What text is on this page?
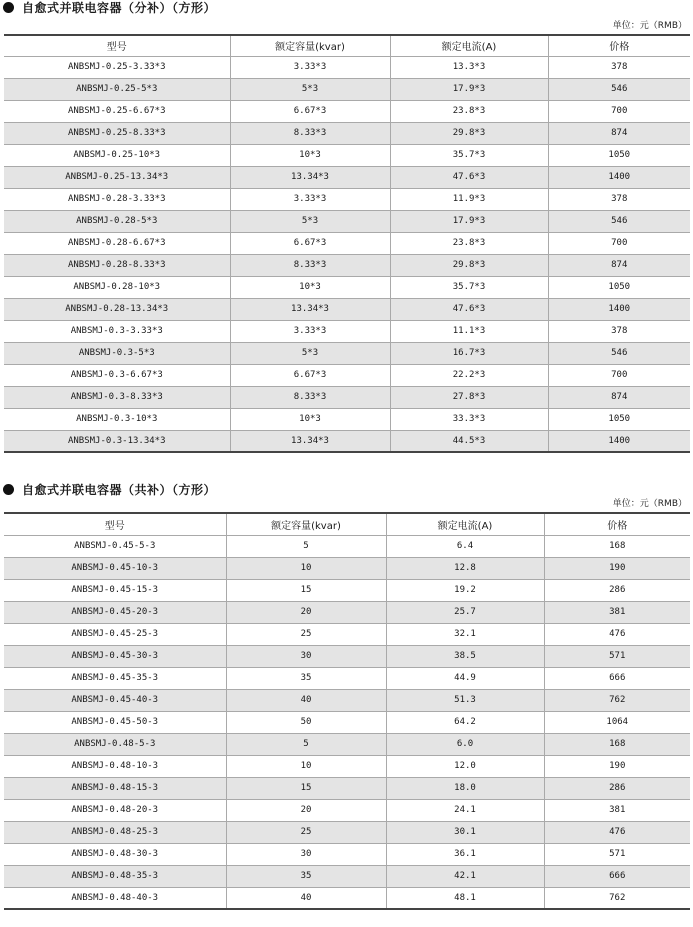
自愈式并联电容器（分补）（方形）
单位：元（RMB）
型号	额定容量(kvar)	额定电流(A)	价格
ANBSMJ-0.25-3.33*3	3.33*3	13.3*3	378
ANBSMJ-0.25-5*3	5*3	17.9*3	546
ANBSMJ-0.25-6.67*3	6.67*3	23.8*3	700
ANBSMJ-0.25-8.33*3	8.33*3	29.8*3	874
ANBSMJ-0.25-10*3	10*3	35.7*3	1050
ANBSMJ-0.25-13.34*3	13.34*3	47.6*3	1400
ANBSMJ-0.28-3.33*3	3.33*3	11.9*3	378
ANBSMJ-0.28-5*3	5*3	17.9*3	546
ANBSMJ-0.28-6.67*3	6.67*3	23.8*3	700
ANBSMJ-0.28-8.33*3	8.33*3	29.8*3	874
ANBSMJ-0.28-10*3	10*3	35.7*3	1050
ANBSMJ-0.28-13.34*3	13.34*3	47.6*3	1400
ANBSMJ-0.3-3.33*3	3.33*3	11.1*3	378
ANBSMJ-0.3-5*3	5*3	16.7*3	546
ANBSMJ-0.3-6.67*3	6.67*3	22.2*3	700
ANBSMJ-0.3-8.33*3	8.33*3	27.8*3	874
ANBSMJ-0.3-10*3	10*3	33.3*3	1050
ANBSMJ-0.3-13.34*3	13.34*3	44.5*3	1400
自愈式并联电容器（共补）（方形）
单位：元（RMB）
型号	额定容量(kvar)	额定电流(A)	价格
ANBSMJ-0.45-5-3	5	6.4	168
ANBSMJ-0.45-10-3	10	12.8	190
ANBSMJ-0.45-15-3	15	19.2	286
ANBSMJ-0.45-20-3	20	25.7	381
ANBSMJ-0.45-25-3	25	32.1	476
ANBSMJ-0.45-30-3	30	38.5	571
ANBSMJ-0.45-35-3	35	44.9	666
ANBSMJ-0.45-40-3	40	51.3	762
ANBSMJ-0.45-50-3	50	64.2	1064
ANBSMJ-0.48-5-3	5	6.0	168
ANBSMJ-0.48-10-3	10	12.0	190
ANBSMJ-0.48-15-3	15	18.0	286
ANBSMJ-0.48-20-3	20	24.1	381
ANBSMJ-0.48-25-3	25	30.1	476
ANBSMJ-0.48-30-3	30	36.1	571
ANBSMJ-0.48-35-3	35	42.1	666
ANBSMJ-0.48-40-3	40	48.1	762
